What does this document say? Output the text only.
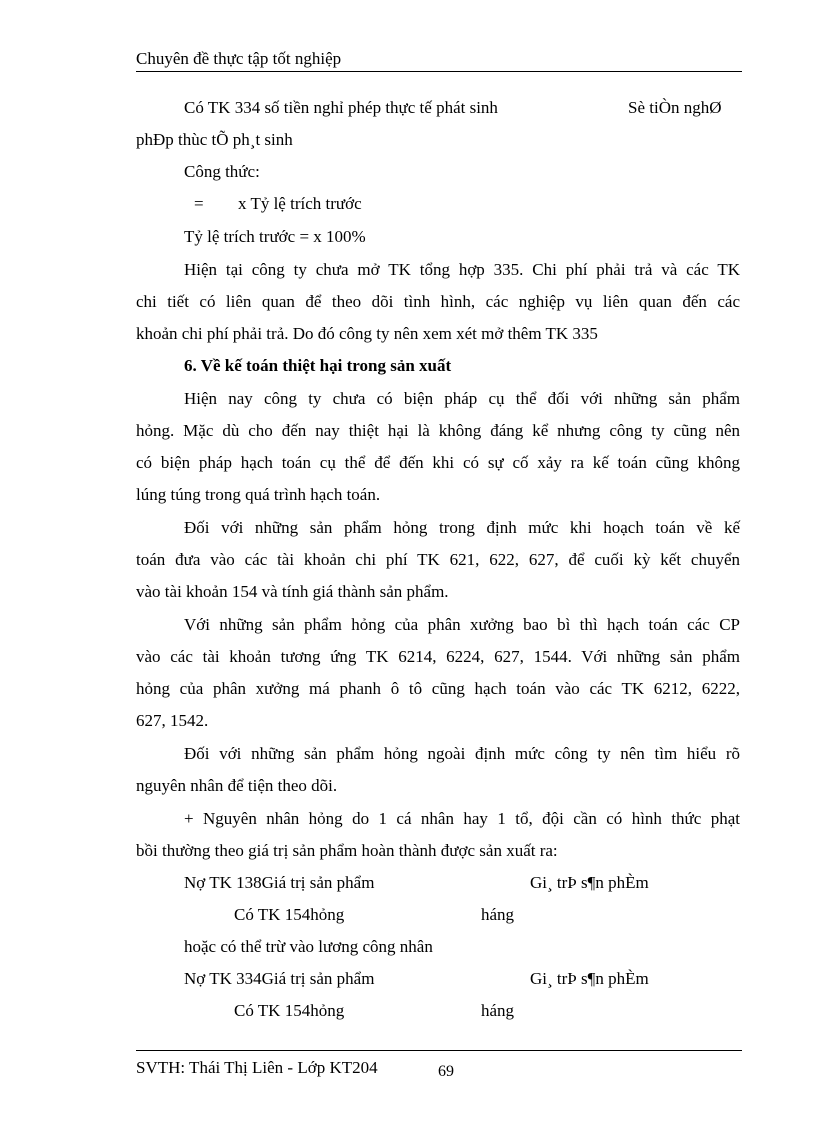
Chuyên đề thực tập tốt nghiệp
Có TK 334 số tiền nghỉ phép thực tế phát sinh	Sè tiÒn nghØ
phÐp thùc tÕ ph¸t sinh
Công thức:
= x Tỷ lệ trích trước
Tỷ lệ trích trước = x 100%
Hiện tại công ty chưa mở TK tổng hợp 335. Chi phí phải trả và các TK
chi tiết có liên quan để theo dõi tình hình, các nghiệp vụ liên quan đến các
khoản chi phí phải trả. Do đó công ty nên xem xét mở thêm TK 335
6. Về kế toán thiệt hại trong sản xuất
Hiện nay công ty chưa có biện pháp cụ thể đối với những sản phẩm
hỏng. Mặc dù cho đến nay thiệt hại là không đáng kể nhưng công ty cũng nên
có biện pháp hạch toán cụ thể để đến khi có sự cố xảy ra kế toán cũng không
lúng túng trong quá trình hạch toán.
Đối với những sản phẩm hỏng trong định mức khi hoạch toán về kế
toán đưa vào các tài khoản chi phí TK 621, 622, 627, để cuối kỳ kết chuyển
vào tài khoản 154 và tính giá thành sản phẩm.
Với những sản phẩm hỏng của phân xưởng bao bì thì hạch toán các CP
vào các tài khoản tương ứng TK 6214, 6224, 627, 1544. Với những sản phẩm
hỏng của phân xưởng má phanh ô tô cũng hạch toán vào các TK 6212, 6222,
627, 1542.
Đối với những sản phẩm hỏng ngoài định mức công ty nên tìm hiểu rõ
nguyên nhân để tiện theo dõi.
+ Nguyên nhân hỏng do 1 cá nhân hay 1 tổ, đội cần có hình thức phạt
bồi thường theo giá trị sản phẩm hoàn thành được sản xuất ra:
Nợ TK 138Giá trị sản phẩm	Gi¸ trÞ s¶n phÈm
Có TK 154hỏng	háng
hoặc có thể trừ vào lương công nhân
Nợ TK 334Giá trị sản phẩm	Gi¸ trÞ s¶n phÈm
Có TK 154hỏng	háng
SVTH: Thái Thị Liên - Lớp KT204	69
